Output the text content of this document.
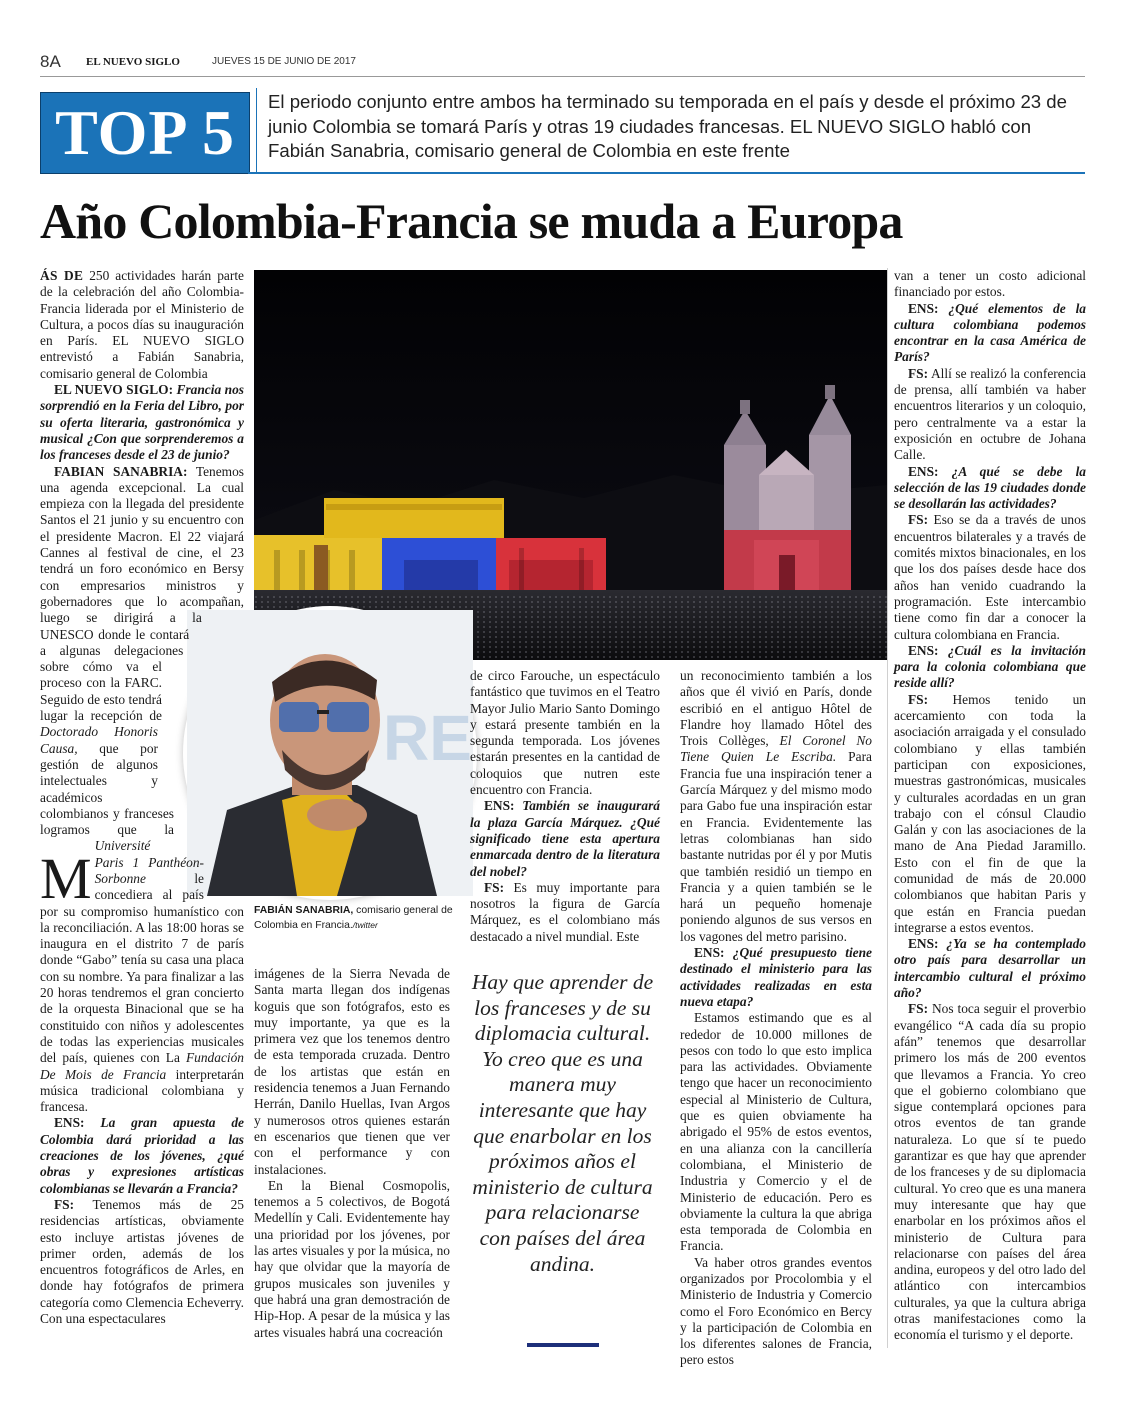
8A EL NUEVO SIGLO	JUEVES 15 DE JUNIO DE 2017
TOP 5	El periodo conjunto entre ambos ha terminado su temporada en el país y desde el próximo 23 de junio Colombia se tomará París y otras 19 ciudades francesas. EL NUEVO SIGLO habló con Fabián Sanabria, comisario general de Colombia en este frente
Año Colombia-Francia se muda a Europa
RE
FABIÁN SANABRIA, comisario general de Colombia en Francia./twitter
Hay que aprender de los franceses y de su diplomacia cultural. Yo creo que es una manera muy interesante que hay que enarbolar en los próximos años el ministerio de cultura para relacionarse con países del área andina.

M
ÁS DE 250 actividades harán parte de la celebración del año Colombia-Francia liderada por el Ministerio de Cultura, a pocos días su inauguración en París. EL NUEVO SIGLO entrevistó a Fabián Sanabria, comisario general de Colombia

EL NUEVO SIGLO: Francia nos sorprendió en la Feria del Libro, por su oferta literaria, gastronómica y musical ¿Con que sorprenderemos a los franceses desde el 23 de junio?

FABIAN SANABRIA: Tenemos una agenda excepcional. La cual empieza con la llegada del presidente Santos el 21 junio y su encuentro con el presidente Macron. El 22 viajará Cannes al festival de cine, el 23 tendrá un foro económico en Bersy con empresarios ministros y gobernadores que lo acompañan, luego se dirigirá a la UNESCO donde le contará a algunas delegaciones sobre cómo va el proceso con la FARC. Seguido de esto tendrá lugar la recepción de Doctorado Honoris Causa, que por gestión de algunos intelectuales y académicos colombianos y franceses logramos que la Université Paris 1 Panthéon-Sorbonne le concediera al país por su compromiso humanístico con la reconciliación. A las 18:00 horas se inaugura en el distrito 7 de parís donde “Gabo” tenía su casa una placa con su nombre. Ya para finalizar a las 20 horas tendremos el gran concierto de la orquesta Binacional que se ha constituido con niños y adolescentes de todas las experiencias musicales del país, quienes con La Fundación De Mois de Francia interpretarán música tradicional colombiana y francesa.

ENS: La gran apuesta de Colombia dará prioridad a las creaciones de los jóvenes, ¿qué obras y expresiones artísticas colombianas se llevarán a Francia?

FS: Tenemos más de 25 residencias artísticas, obviamente esto incluye artistas jóvenes de primer orden, además de los encuentros fotográficos de Arles, en donde hay fotógrafos de primera categoría como Clemencia Echeverry. Con una espectaculares

imágenes de la Sierra Nevada de Santa marta llegan dos indígenas koguis que son fotógrafos, esto es muy importante, ya que es la primera vez que los tenemos dentro de esta temporada cruzada. Dentro de los artistas que están en residencia tenemos a Juan Fernando Herrán, Danilo Huellas, Ivan Argos y numerosos otros quienes estarán en escenarios que tienen que ver con el performance y con instalaciones.

En la Bienal Cosmopolis, tenemos a 5 colectivos, de Bogotá Medellín y Cali. Evidentemente hay una prioridad por los jóvenes, por las artes visuales y por la música, no hay que olvidar que la mayoría de grupos musicales son juveniles y que habrá una gran demostración de Hip-Hop. A pesar de la música y las artes visuales habrá una cocreación

de circo Farouche, un espectáculo fantástico que tuvimos en el Teatro Mayor Julio Mario Santo Domingo y estará presente también en la segunda temporada. Los jóvenes estarán presentes en la cantidad de coloquios que nutren este encuentro con Francia.

ENS: También se inaugurará la plaza García Márquez. ¿Qué significado tiene esta apertura enmarcada dentro de la literatura del nobel?

FS: Es muy importante para nosotros la figura de García Márquez, es el colombiano más destacado a nivel mundial. Este

un reconocimiento también a los años que él vivió en París, donde escribió en el antiguo Hôtel de Flandre hoy llamado Hôtel des Trois Collèges, El Coronel No Tiene Quien Le Escriba. Para Francia fue una inspiración tener a García Márquez y del mismo modo para Gabo fue una inspiración estar en Francia. Evidentemente las letras colombianas han sido bastante nutridas por él y por Mutis que también residió un tiempo en Francia y a quien también se le hará un pequeño homenaje poniendo algunos de sus versos en los vagones del metro parisino.

ENS: ¿Qué presupuesto tiene destinado el ministerio para las actividades realizadas en esta nueva etapa?

Estamos estimando que es al rededor de 10.000 millones de pesos con todo lo que esto implica para las actividades. Obviamente tengo que hacer un reconocimiento especial al Ministerio de Cultura, que es quien obviamente ha abrigado el 95% de estos eventos, en una alianza con la cancillería colombiana, el Ministerio de Industria y Comercio y el de Ministerio de educación. Pero es obviamente la cultura la que abriga esta temporada de Colombia en Francia.

Va haber otros grandes eventos organizados por Procolombia y el Ministerio de Industria y Comercio como el Foro Económico en Bercy y la participación de Colombia en los diferentes salones de Francia, pero estos

van a tener un costo adicional financiado por estos.

ENS: ¿Qué elementos de la cultura colombiana podemos encontrar en la casa América de París?

FS: Allí se realizó la conferencia de prensa, allí también va haber encuentros literarios y un coloquio, pero centralmente va a estar la exposición en octubre de Johana Calle.

ENS: ¿A qué se debe la selección de las 19 ciudades donde se desollarán las actividades?

FS: Eso se da a través de unos encuentros bilaterales y a través de comités mixtos binacionales, en los que los dos países desde hace dos años han venido cuadrando la programación. Este intercambio tiene como fin dar a conocer la cultura colombiana en Francia.

ENS: ¿Cuál es la invitación para la colonia colombiana que reside allí?

FS: Hemos tenido un acercamiento con toda la asociación arraigada y el consulado colombiano y ellas también participan con exposiciones, muestras gastronómicas, musicales y culturales acordadas en un gran trabajo con el cónsul Claudio Galán y con las asociaciones de la mano de Ana Piedad Jaramillo. Esto con el fin de que la comunidad de más de 20.000 colombianos que habitan Paris y que están en Francia puedan integrarse a estos eventos.

ENS: ¿Ya se ha contemplado otro país para desarrollar un intercambio cultural el próximo año?

FS: Nos toca seguir el proverbio evangélico “A cada día su propio afán” tenemos que desarrollar primero los más de 200 eventos que llevamos a Francia. Yo creo que el gobierno colombiano que sigue contemplará opciones para otros eventos de tan grande naturaleza. Lo que sí te puedo garantizar es que hay que aprender de los franceses y de su diplomacia cultural. Yo creo que es una manera muy interesante que hay que enarbolar en los próximos años el ministerio de Cultura para relacionarse con países del área andina, europeos y del otro lado del atlántico con intercambios culturales, ya que la cultura abriga otras manifestaciones como la economía el turismo y el deporte.
